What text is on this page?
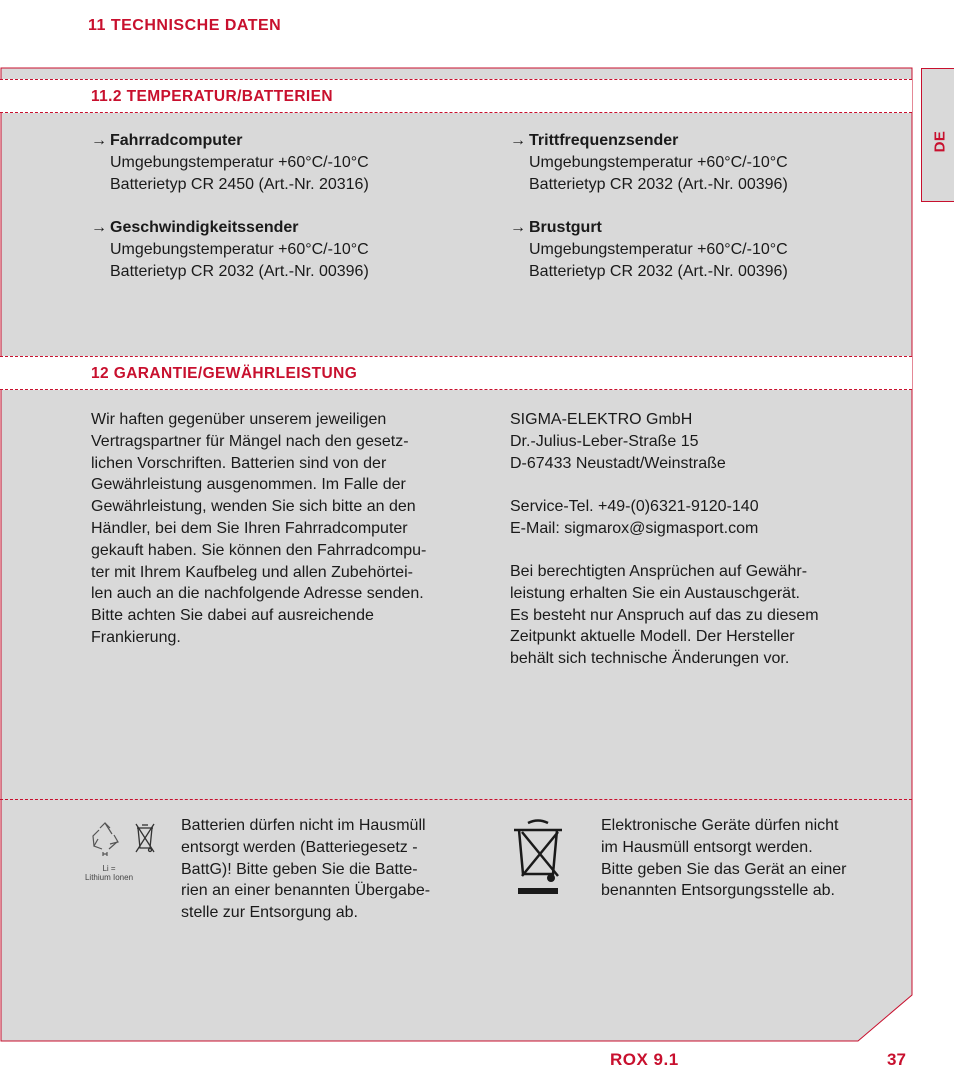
11 TECHNISCHE DATEN
11.2 TEMPERATUR/BATTERIEN
→ Fahrradcomputer
Umgebungstemperatur +60°C/-10°C
Batterietyp CR 2450 (Art.-Nr. 20316)
→ Geschwindigkeitssender
Umgebungstemperatur +60°C/-10°C
Batterietyp CR 2032 (Art.-Nr. 00396)
→ Trittfrequenzsender
Umgebungstemperatur +60°C/-10°C
Batterietyp CR 2032 (Art.-Nr. 00396)
→ Brustgurt
Umgebungstemperatur +60°C/-10°C
Batterietyp CR 2032 (Art.-Nr. 00396)
12 GARANTIE/GEWÄHRLEISTUNG
Wir haften gegenüber unserem jeweiligen
Vertragspartner für Mängel nach den gesetz-
lichen Vorschriften. Batterien sind von der
Gewährleistung ausgenommen. Im Falle der
Gewährleistung, wenden Sie sich bitte an den
Händler, bei dem Sie Ihren Fahrradcomputer
gekauft haben. Sie können den Fahrradcompu-
ter mit Ihrem Kaufbeleg und allen Zubehörtei-
len auch an die nachfolgende Adresse senden.
Bitte achten Sie dabei auf ausreichende
Frankierung.
SIGMA-ELEKTRO GmbH
Dr.-Julius-Leber-Straße 15
D-67433 Neustadt/Weinstraße
Service-Tel. +49-(0)6321-9120-140
E-Mail: sigmarox@sigmasport.com
Bei berechtigten Ansprüchen auf Gewähr-
leistung erhalten Sie ein Austauschgerät.
Es besteht nur Anspruch auf das zu diesem
Zeitpunkt aktuelle Modell. Der Hersteller
behält sich technische Änderungen vor.
Li =
Lithium Ionen
Batterien dürfen nicht im Hausmüll
entsorgt werden (Batteriegesetz -
BattG)! Bitte geben Sie die Batte-
rien an einer benannten Übergabe-
stelle zur Entsorgung ab.
Elektronische Geräte dürfen nicht
im Hausmüll entsorgt werden.
Bitte geben Sie das Gerät an einer
benannten Entsorgungsstelle ab.
DE
ROX 9.1	37
